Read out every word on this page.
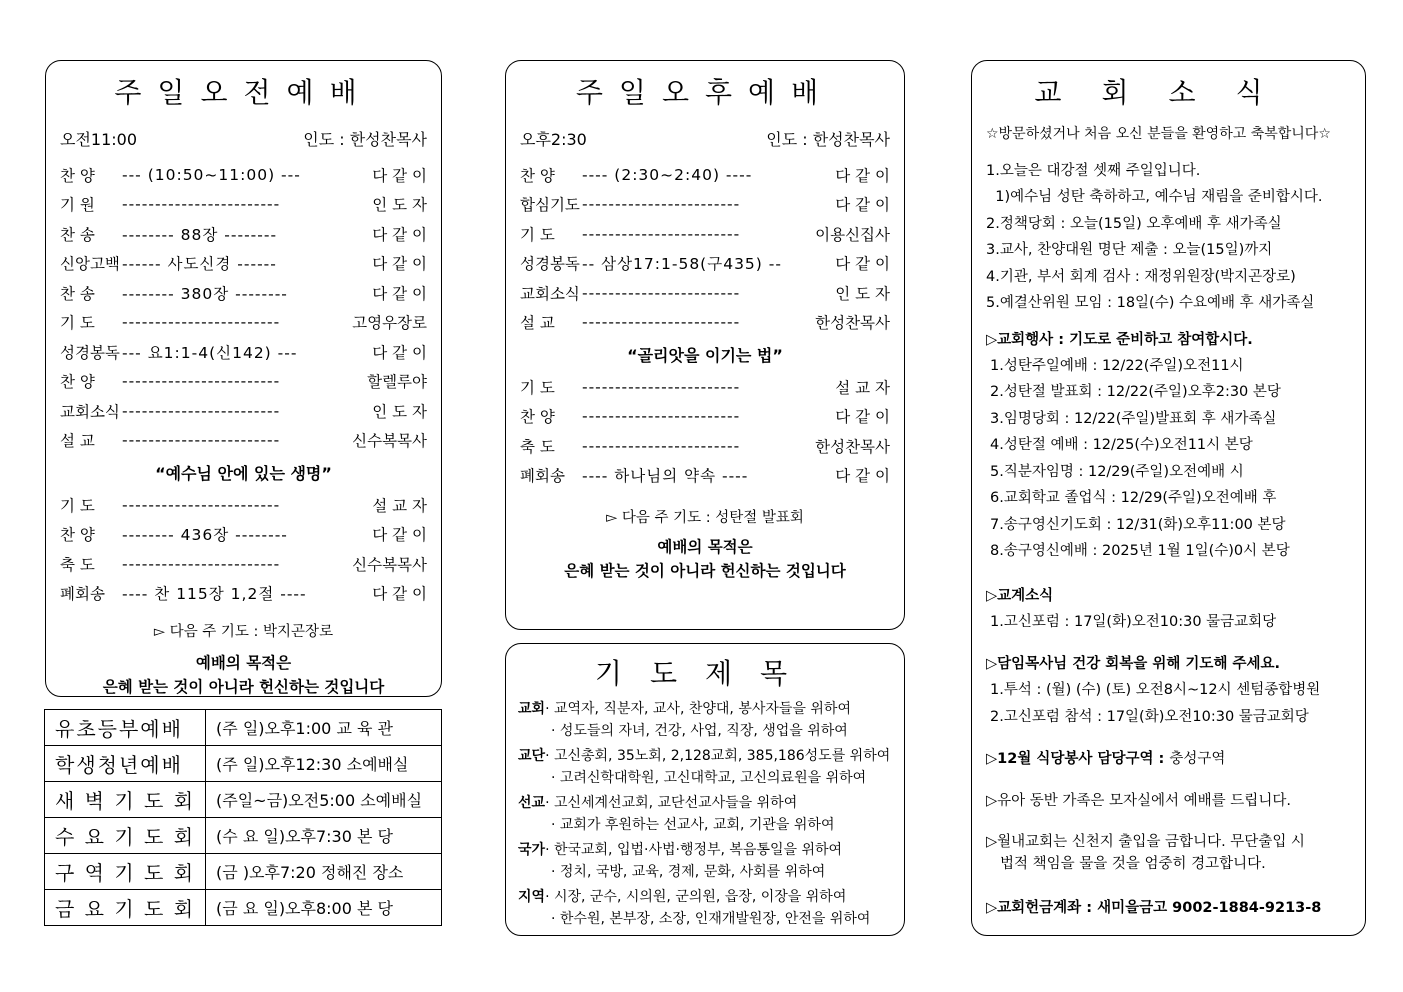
주일오전예배
오전11:00	인도 : 한성찬목사
찬 양	--- (10:50~11:00) ---	다 같 이
기 원	------------------------	인 도 자
찬 송	-------- 88장 --------	다 같 이
신앙고백 ------ 사도신경 ------	다 같 이
찬 송	-------- 380장 --------	다 같 이
기 도	------------------------	고영우장로
성경봉독 --- 요1:1-4(신142) ---	다 같 이
찬 양	------------------------	할렐루야
교회소식 ------------------------	인 도 자
설 교	------------------------	신수복목사
“예수님 안에 있는 생명”
기 도	------------------------	설 교 자
찬 양	-------- 436장 --------	다 같 이
축 도	------------------------	신수복목사
폐회송	---- 찬 115장 1,2절 ----	다 같 이
▻ 다음 주 기도 : 박지곤장로
예배의 목적은
은혜 받는 것이 아니라 헌신하는 것입니다
유초등부예배	(주 일)오후1:00 교 육 관
학생청년예배	(주 일)오후12:30 소예배실
새 벽 기 도 회	(주일~금)오전5:00 소예배실
수 요 기 도 회	(수 요 일)오후7:30 본 당
구 역 기 도 회	(금 )오후7:20 정해진 장소
금 요 기 도 회	(금 요 일)오후8:00 본 당
주일오후예배
오후2:30	인도 : 한성찬목사
찬 양	---- (2:30~2:40) ----	다 같 이
합심기도 ------------------------	다 같 이
기 도	------------------------	이용신집사
성경봉독 -- 삼상17:1-58(구435) --	다 같 이
교회소식 ------------------------	인 도 자
설 교	------------------------	한성찬목사
“골리앗을 이기는 법”
기 도	------------------------	설 교 자
찬 양	------------------------	다 같 이
축 도	------------------------	한성찬목사
폐회송	---- 하나님의 약속 ----	다 같 이
▻ 다음 주 기도 : 성탄절 발표회
예배의 목적은
은혜 받는 것이 아니라 헌신하는 것입니다
기도제목
교회· 교역자, 직분자, 교사, 찬양대, 봉사자들을 위하여
· 성도들의 자녀, 건강, 사업, 직장, 생업을 위하여
교단· 고신총회, 35노회, 2,128교회, 385,186성도를 위하여
· 고려신학대학원, 고신대학교, 고신의료원을 위하여
선교· 고신세계선교회, 교단선교사들을 위하여
· 교회가 후원하는 선교사, 교회, 기관을 위하여
국가· 한국교회, 입법·사법·행정부, 복음통일을 위하여
· 정치, 국방, 교육, 경제, 문화, 사회를 위하여
지역· 시장, 군수, 시의원, 군의원, 읍장, 이장을 위하여
· 한수원, 본부장, 소장, 인재개발원장, 안전을 위하여
교회소식
☆방문하셨거나 처음 오신 분들을 환영하고 축복합니다☆
1.오늘은 대강절 셋째 주일입니다.
1)예수님 성탄 축하하고, 예수님 재림을 준비합시다.
2.정책당회 : 오늘(15일) 오후예배 후 새가족실
3.교사, 찬양대원 명단 제출 : 오늘(15일)까지
4.기관, 부서 회계 검사 : 재정위원장(박지곤장로)
5.예결산위원 모임 : 18일(수) 수요예배 후 새가족실
▷교회행사 : 기도로 준비하고 참여합시다.
1.성탄주일예배 : 12/22(주일)오전11시
2.성탄절 발표회 : 12/22(주일)오후2:30 본당
3.임명당회 : 12/22(주일)발표회 후 새가족실
4.성탄절 예배 : 12/25(수)오전11시 본당
5.직분자임명 : 12/29(주일)오전예배 시
6.교회학교 졸업식 : 12/29(주일)오전예배 후
7.송구영신기도회 : 12/31(화)오후11:00 본당
8.송구영신예배 : 2025년 1월 1일(수)0시 본당
▷교계소식
1.고신포럼 : 17일(화)오전10:30 물금교회당
▷담임목사님 건강 회복을 위해 기도해 주세요.
1.투석 : (월) (수) (토) 오전8시~12시 센텀종합병원
2.고신포럼 참석 : 17일(화)오전10:30 물금교회당
▷12월 식당봉사 담당구역 : 충성구역
▷유아 동반 가족은 모자실에서 예배를 드립니다.
▷월내교회는 신천지 출입을 금합니다. 무단출입 시
법적 책임을 물을 것을 엄중히 경고합니다.
▷교회헌금계좌 : 새미을금고 9002-1884-9213-8
